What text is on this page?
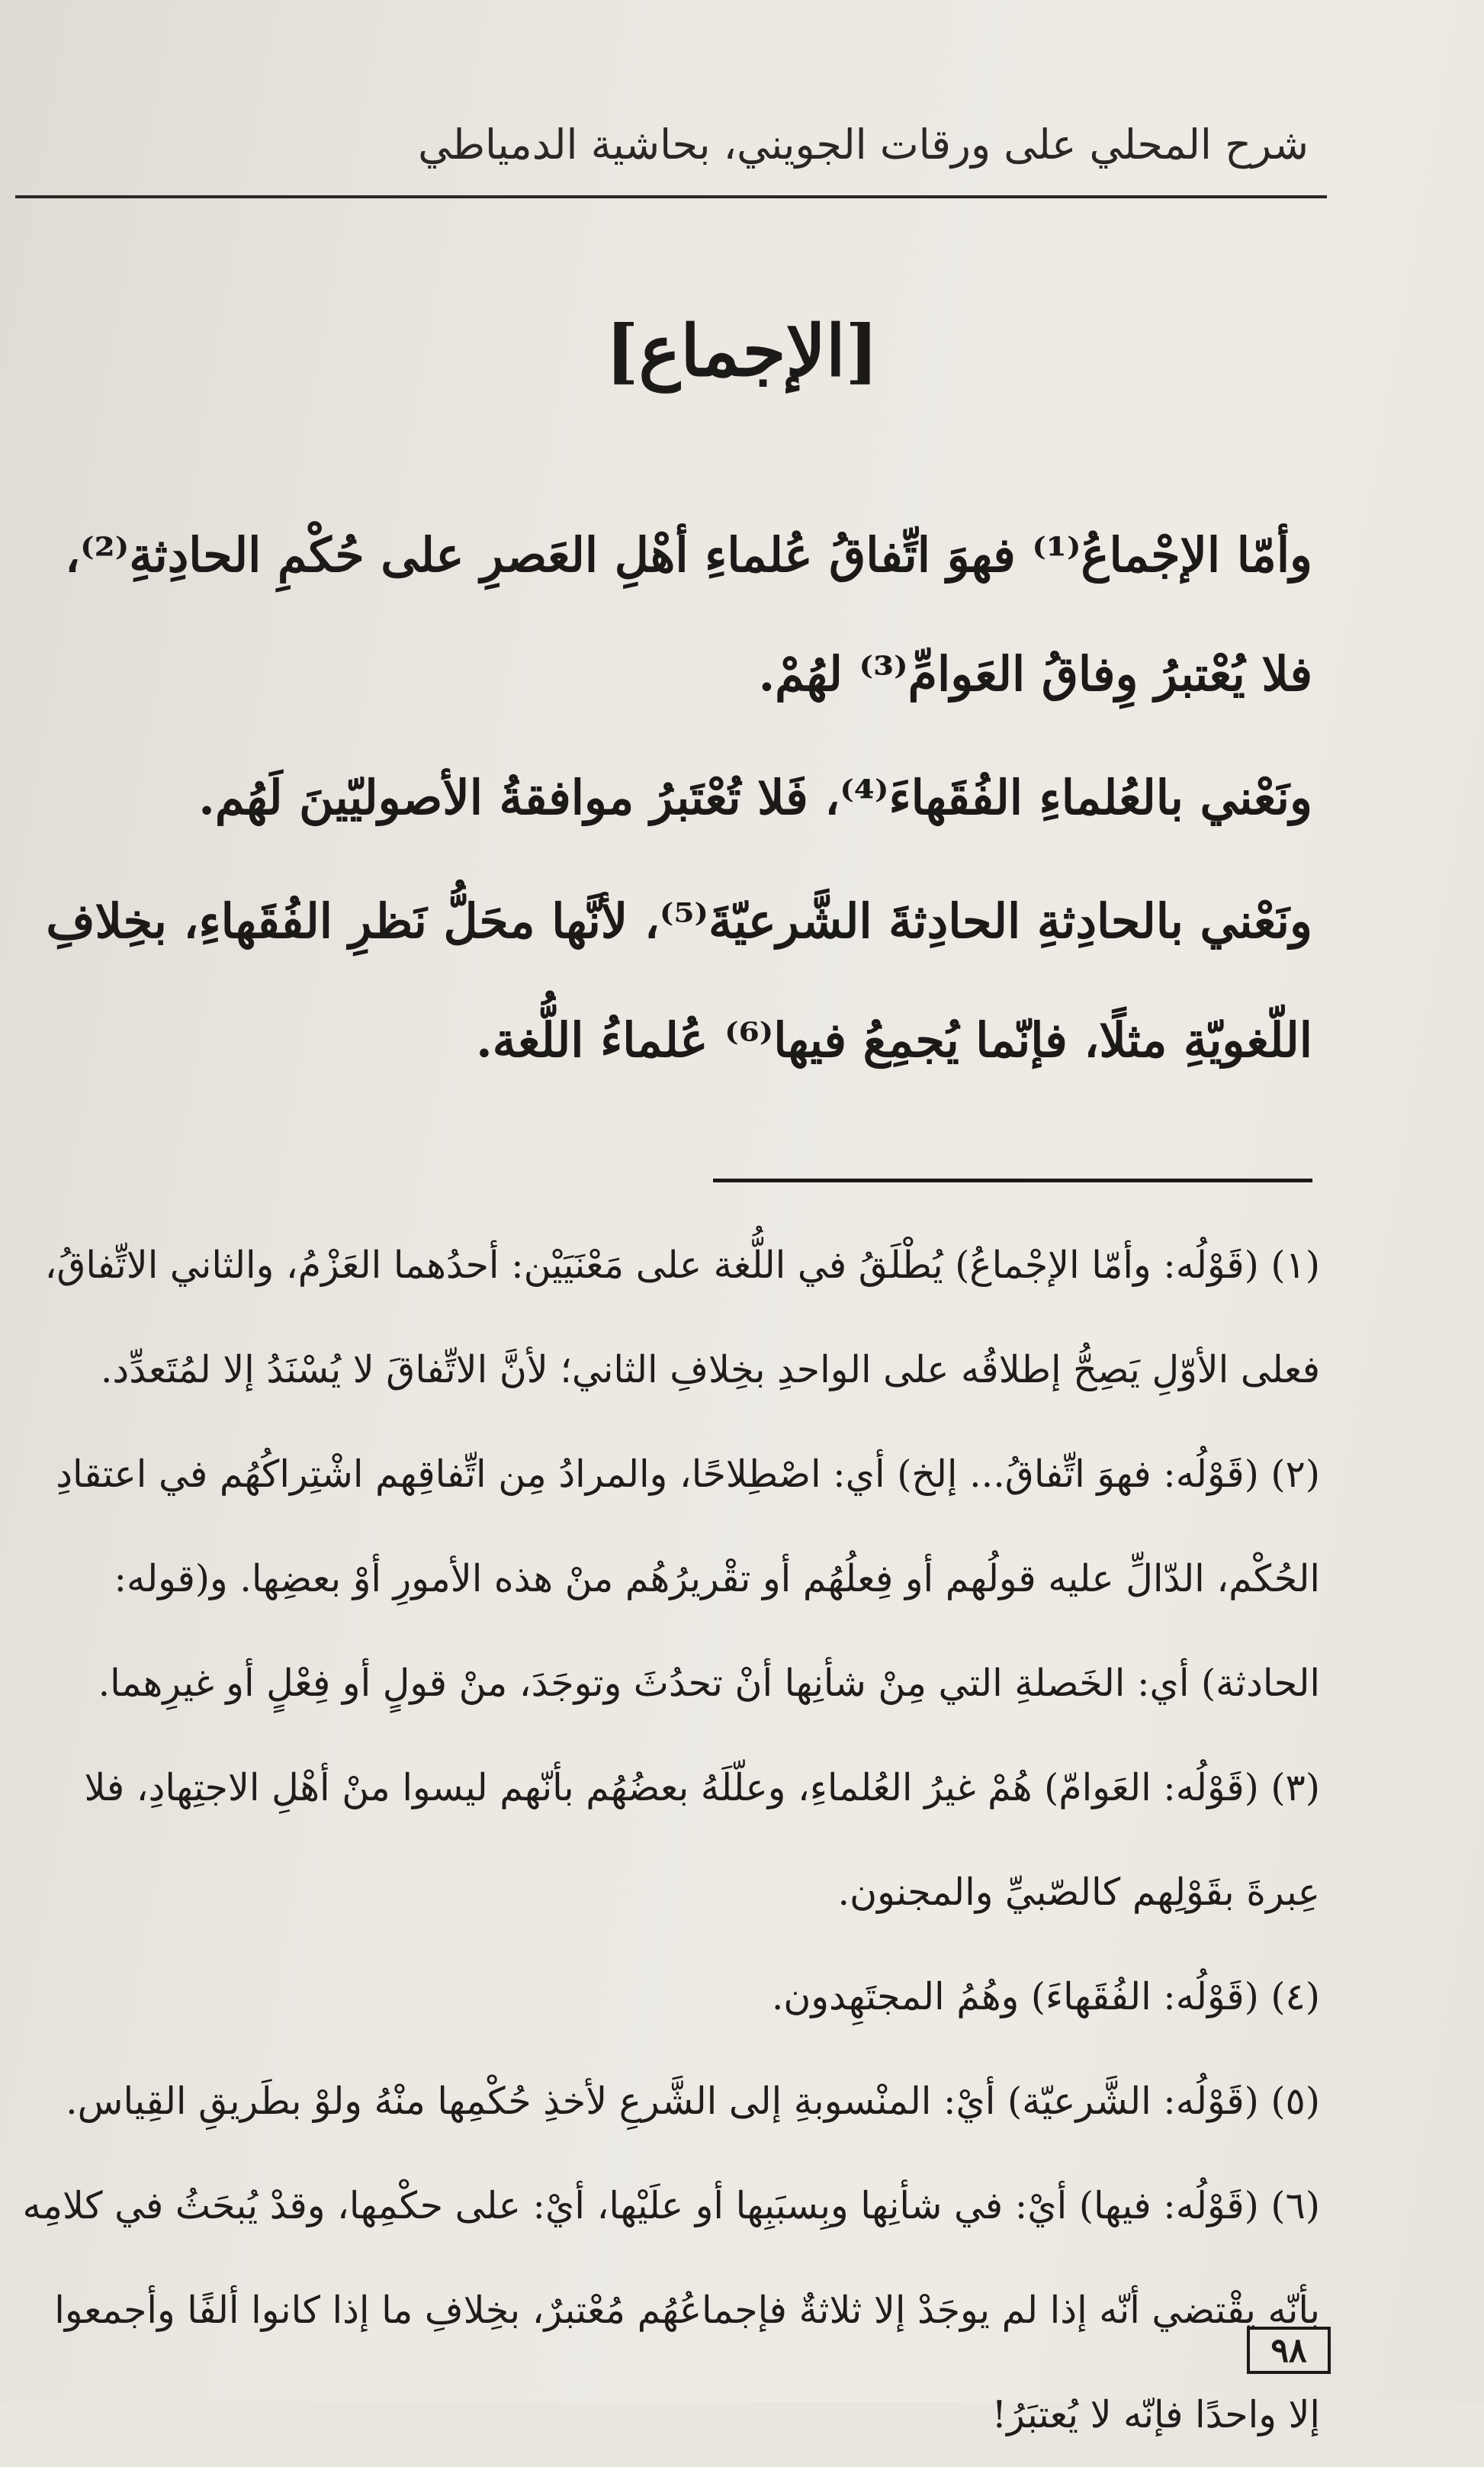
شرح المحلي على ورقات الجويني، بحاشية الدمياطي
[الإجماع]

وأمّا الإجْماعُ⁽¹⁾ فهوَ اتِّفاقُ عُلماءِ أهْلِ العَصرِ على حُكْمِ الحادِثةِ⁽²⁾، فلا يُعْتبرُ وِفاقُ العَوامِّ⁽³⁾ لهُمْ.

ونَعْني بالعُلماءِ الفُقَهاءَ⁽⁴⁾، فَلا تُعْتَبرُ موافقةُ الأصوليّينَ لَهُم.

ونَعْني بالحادِثةِ الحادِثةَ الشَّرعيّةَ⁽⁵⁾، لأنَّها محَلُّ نَظرِ الفُقَهاءِ، بخِلافِ اللّغويّةِ مثلًا، فإنّما يُجمِعُ فيها⁽⁶⁾ عُلماءُ اللُّغة.

(١) (قَوْلُه: وأمّا الإجْماعُ) يُطْلَقُ في اللُّغة على مَعْنَيَيْن: أحدُهما العَزْمُ، والثاني الاتِّفاقُ، فعلى الأوّلِ يَصِحُّ إطلاقُه على الواحدِ بخِلافِ الثاني؛ لأنَّ الاتِّفاقَ لا يُسْنَدُ إلا لمُتَعدِّد.

(٢) (قَوْلُه: فهوَ اتِّفاقُ... إلخ) أي: اصْطِلاحًا، والمرادُ مِن اتِّفاقِهم اشْتِراكُهُم في اعتقادِ الحُكْم، الدّالِّ عليه قولُهم أو فِعلُهُم أو تقْريرُهُم منْ هذه الأمورِ أوْ بعضِها. و(قوله: الحادثة) أي: الخَصلةِ التي مِنْ شأنِها أنْ تحدُثَ وتوجَدَ، منْ قولٍ أو فِعْلٍ أو غيرِهما.

(٣) (قَوْلُه: العَوامّ) هُمْ غيرُ العُلماءِ، وعلّلَهُ بعضُهُم بأنّهم ليسوا منْ أهْلِ الاجتِهادِ، فلا عِبرةَ بقَوْلِهم كالصّبيِّ والمجنون.

(٤) (قَوْلُه: الفُقَهاءَ) وهُمُ المجتَهِدون.

(٥) (قَوْلُه: الشَّرعيّة) أيْ: المنْسوبةِ إلى الشَّرعِ لأخذِ حُكْمِها منْهُ ولوْ بطَريقِ القِياس.

(٦) (قَوْلُه: فيها) أيْ: في شأنِها وبِسبَبِها أو علَيْها، أيْ: على حكْمِها، وقدْ يُبحَثُ في كلامِه بأنّه يقْتضي أنّه إذا لم يوجَدْ إلا ثلاثةٌ فإجماعُهُم مُعْتبرٌ، بخِلافِ ما إذا كانوا ألفًا وأجمعوا إلا واحدًا فإنّه لا يُعتبَرُ!

٩٨
